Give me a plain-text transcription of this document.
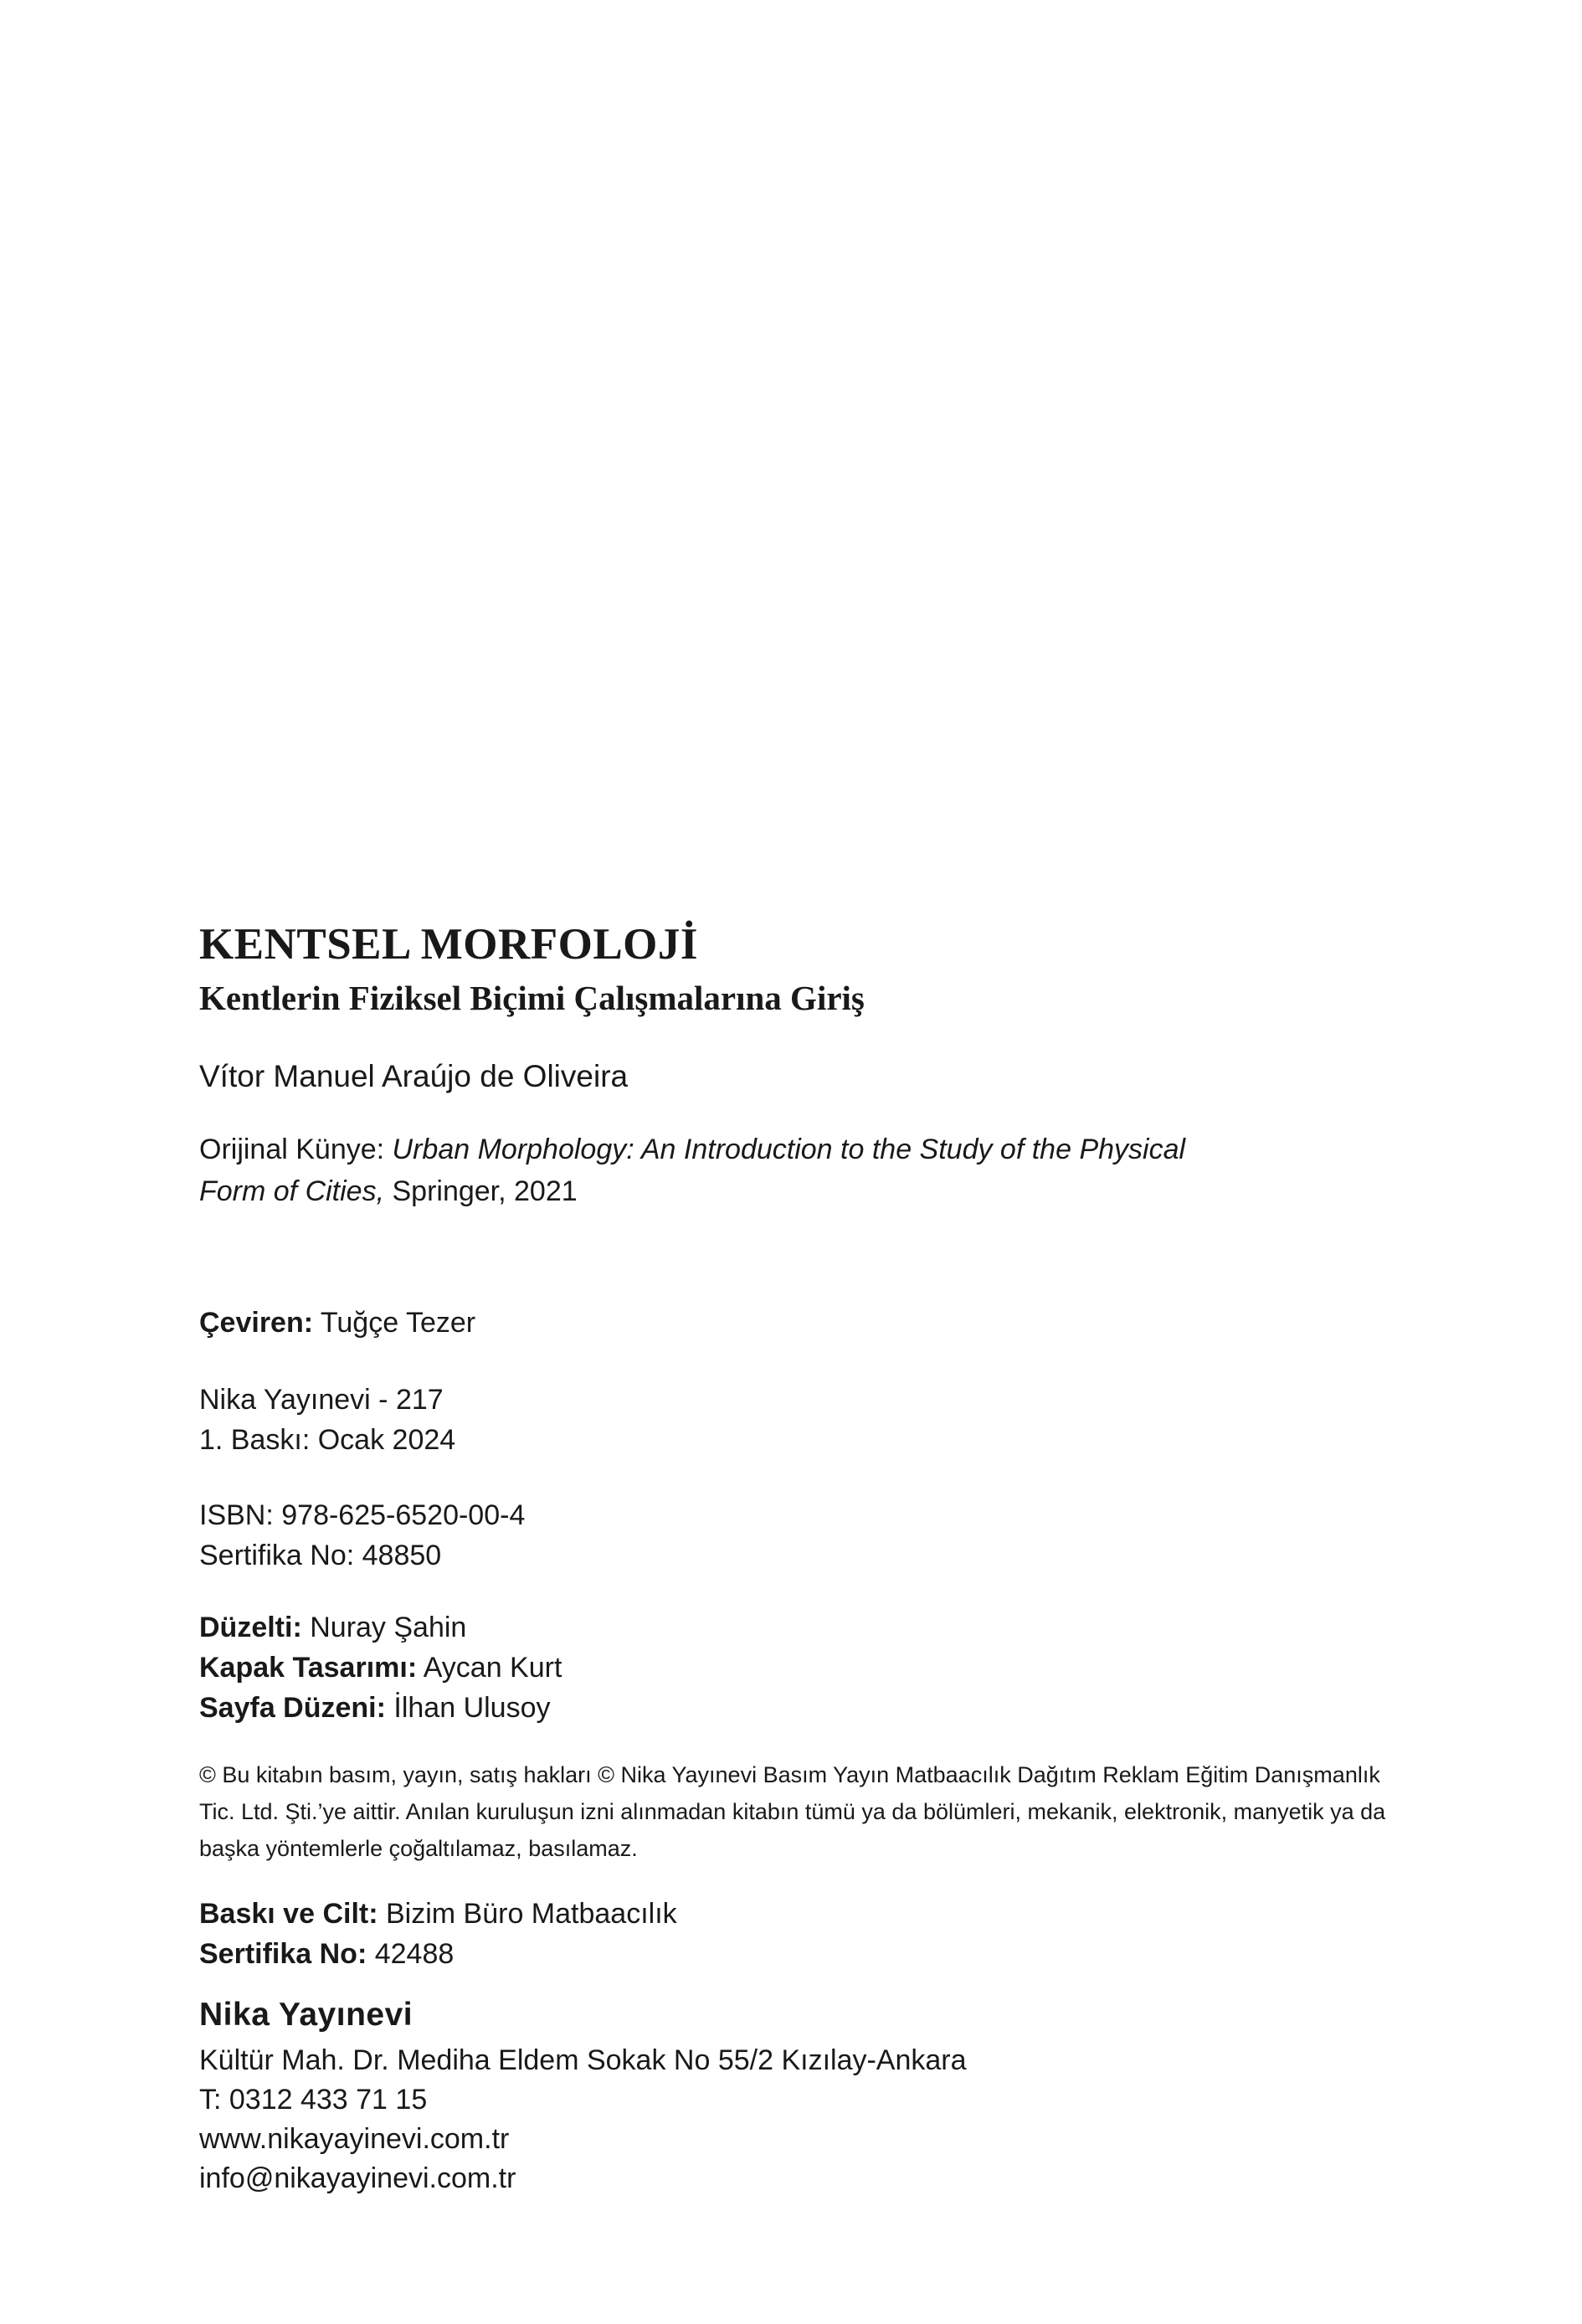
KENTSEL MORFOLOJİ
Kentlerin Fiziksel Biçimi Çalışmalarına Giriş

Vítor Manuel Araújo de Oliveira

Orijinal Künye: Urban Morphology: An Introduction to the Study of the Physical
Form of Cities, Springer, 2021

Çeviren: Tuğçe Tezer

Nika Yayınevi - 217
1. Baskı: Ocak 2024
ISBN: 978-625-6520-00-4
Sertifika No: 48850
Düzelti: Nuray Şahin
Kapak Tasarımı: Aycan Kurt
Sayfa Düzeni: İlhan Ulusoy
© Bu kitabın basım, yayın, satış hakları © Nika Yayınevi Basım Yayın Matbaacılık Dağıtım Reklam Eğitim Danışmanlık
Tic. Ltd. Şti.’ye aittir. Anılan kuruluşun izni alınmadan kitabın tümü ya da bölümleri, mekanik, elektronik, manyetik ya da
başka yöntemlerle çoğaltılamaz, basılamaz.
Baskı ve Cilt: Bizim Büro Matbaacılık
Sertifika No: 42488
Nika Yayınevi
Kültür Mah. Dr. Mediha Eldem Sokak No 55/2 Kızılay-Ankara
T: 0312 433 71 15
www.nikayayinevi.com.tr
info@nikayayinevi.com.tr
